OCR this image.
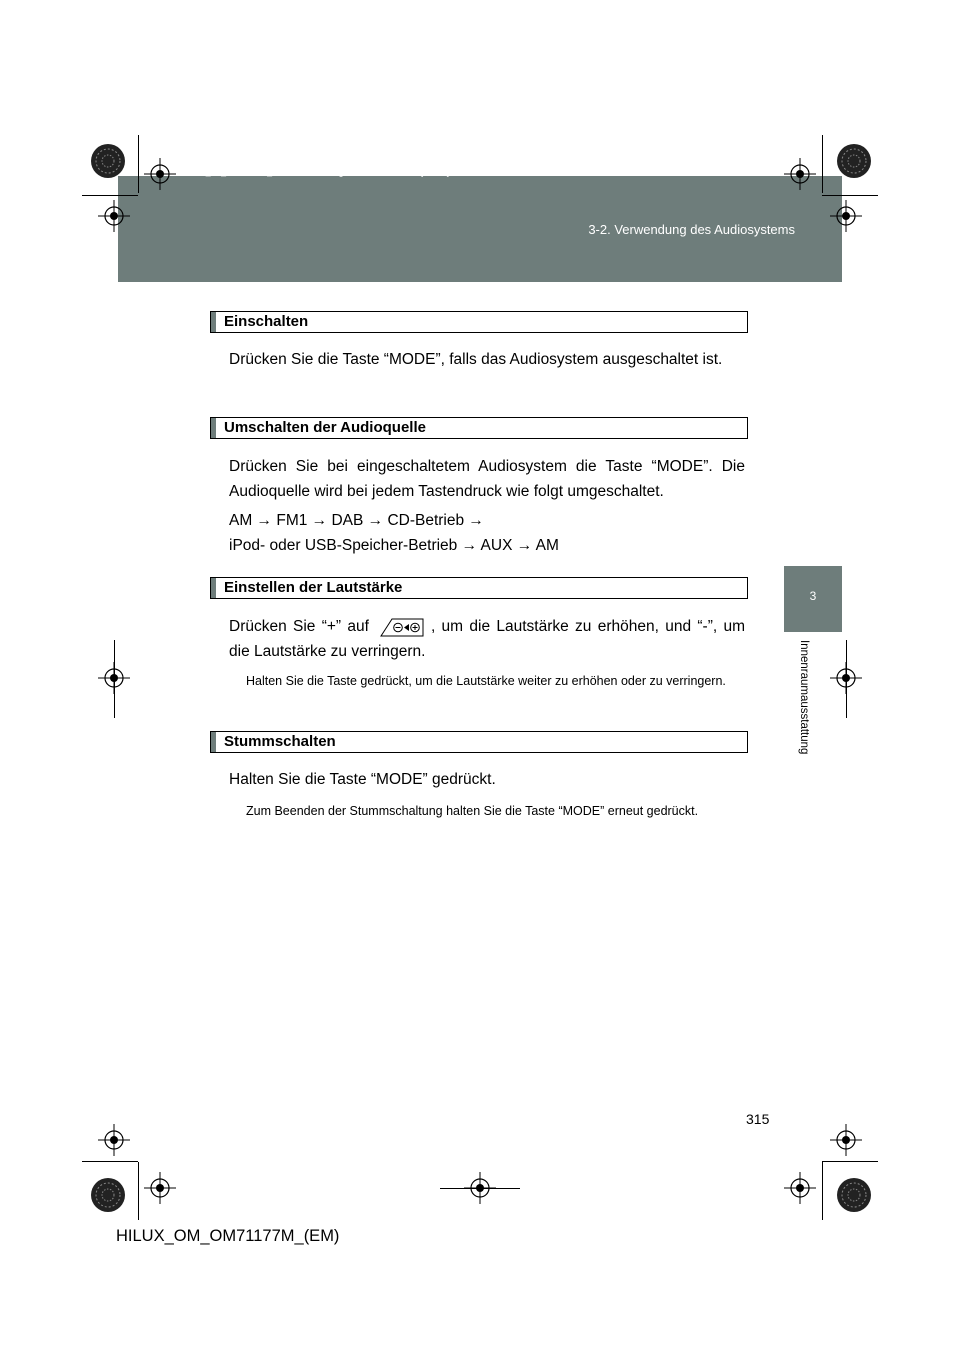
HILUX_OM_OM71177M_(EM).book  Page 315  Wednesday, May 16, 2012  1:28 PM
3-2. Verwendung des Audiosystems
3
Innenraumausstattung
Einschalten

Drücken Sie die Taste “MODE”, falls das Audiosystem ausgeschaltet ist.

Umschalten der Audioquelle

Drücken Sie bei eingeschaltetem Audiosystem die Taste “MODE”. Die Audioquelle wird bei jedem Tastendruck wie folgt umgeschaltet.

AM → FM1 → DAB → CD-Betrieb →

iPod- oder USB-Speicher-Betrieb → AUX → AM

Einstellen der Lautstärke

Drücken Sie “+” auf	, um die Lautstärke zu erhöhen, und “-”, um die Lautstärke zu verringern.

Halten Sie die Taste gedrückt, um die Lautstärke weiter zu erhöhen oder zu verringern.

Stummschalten

Halten Sie die Taste “MODE” gedrückt.

Zum Beenden der Stummschaltung halten Sie die Taste “MODE” erneut gedrückt.

315
HILUX_OM_OM71177M_(EM)
